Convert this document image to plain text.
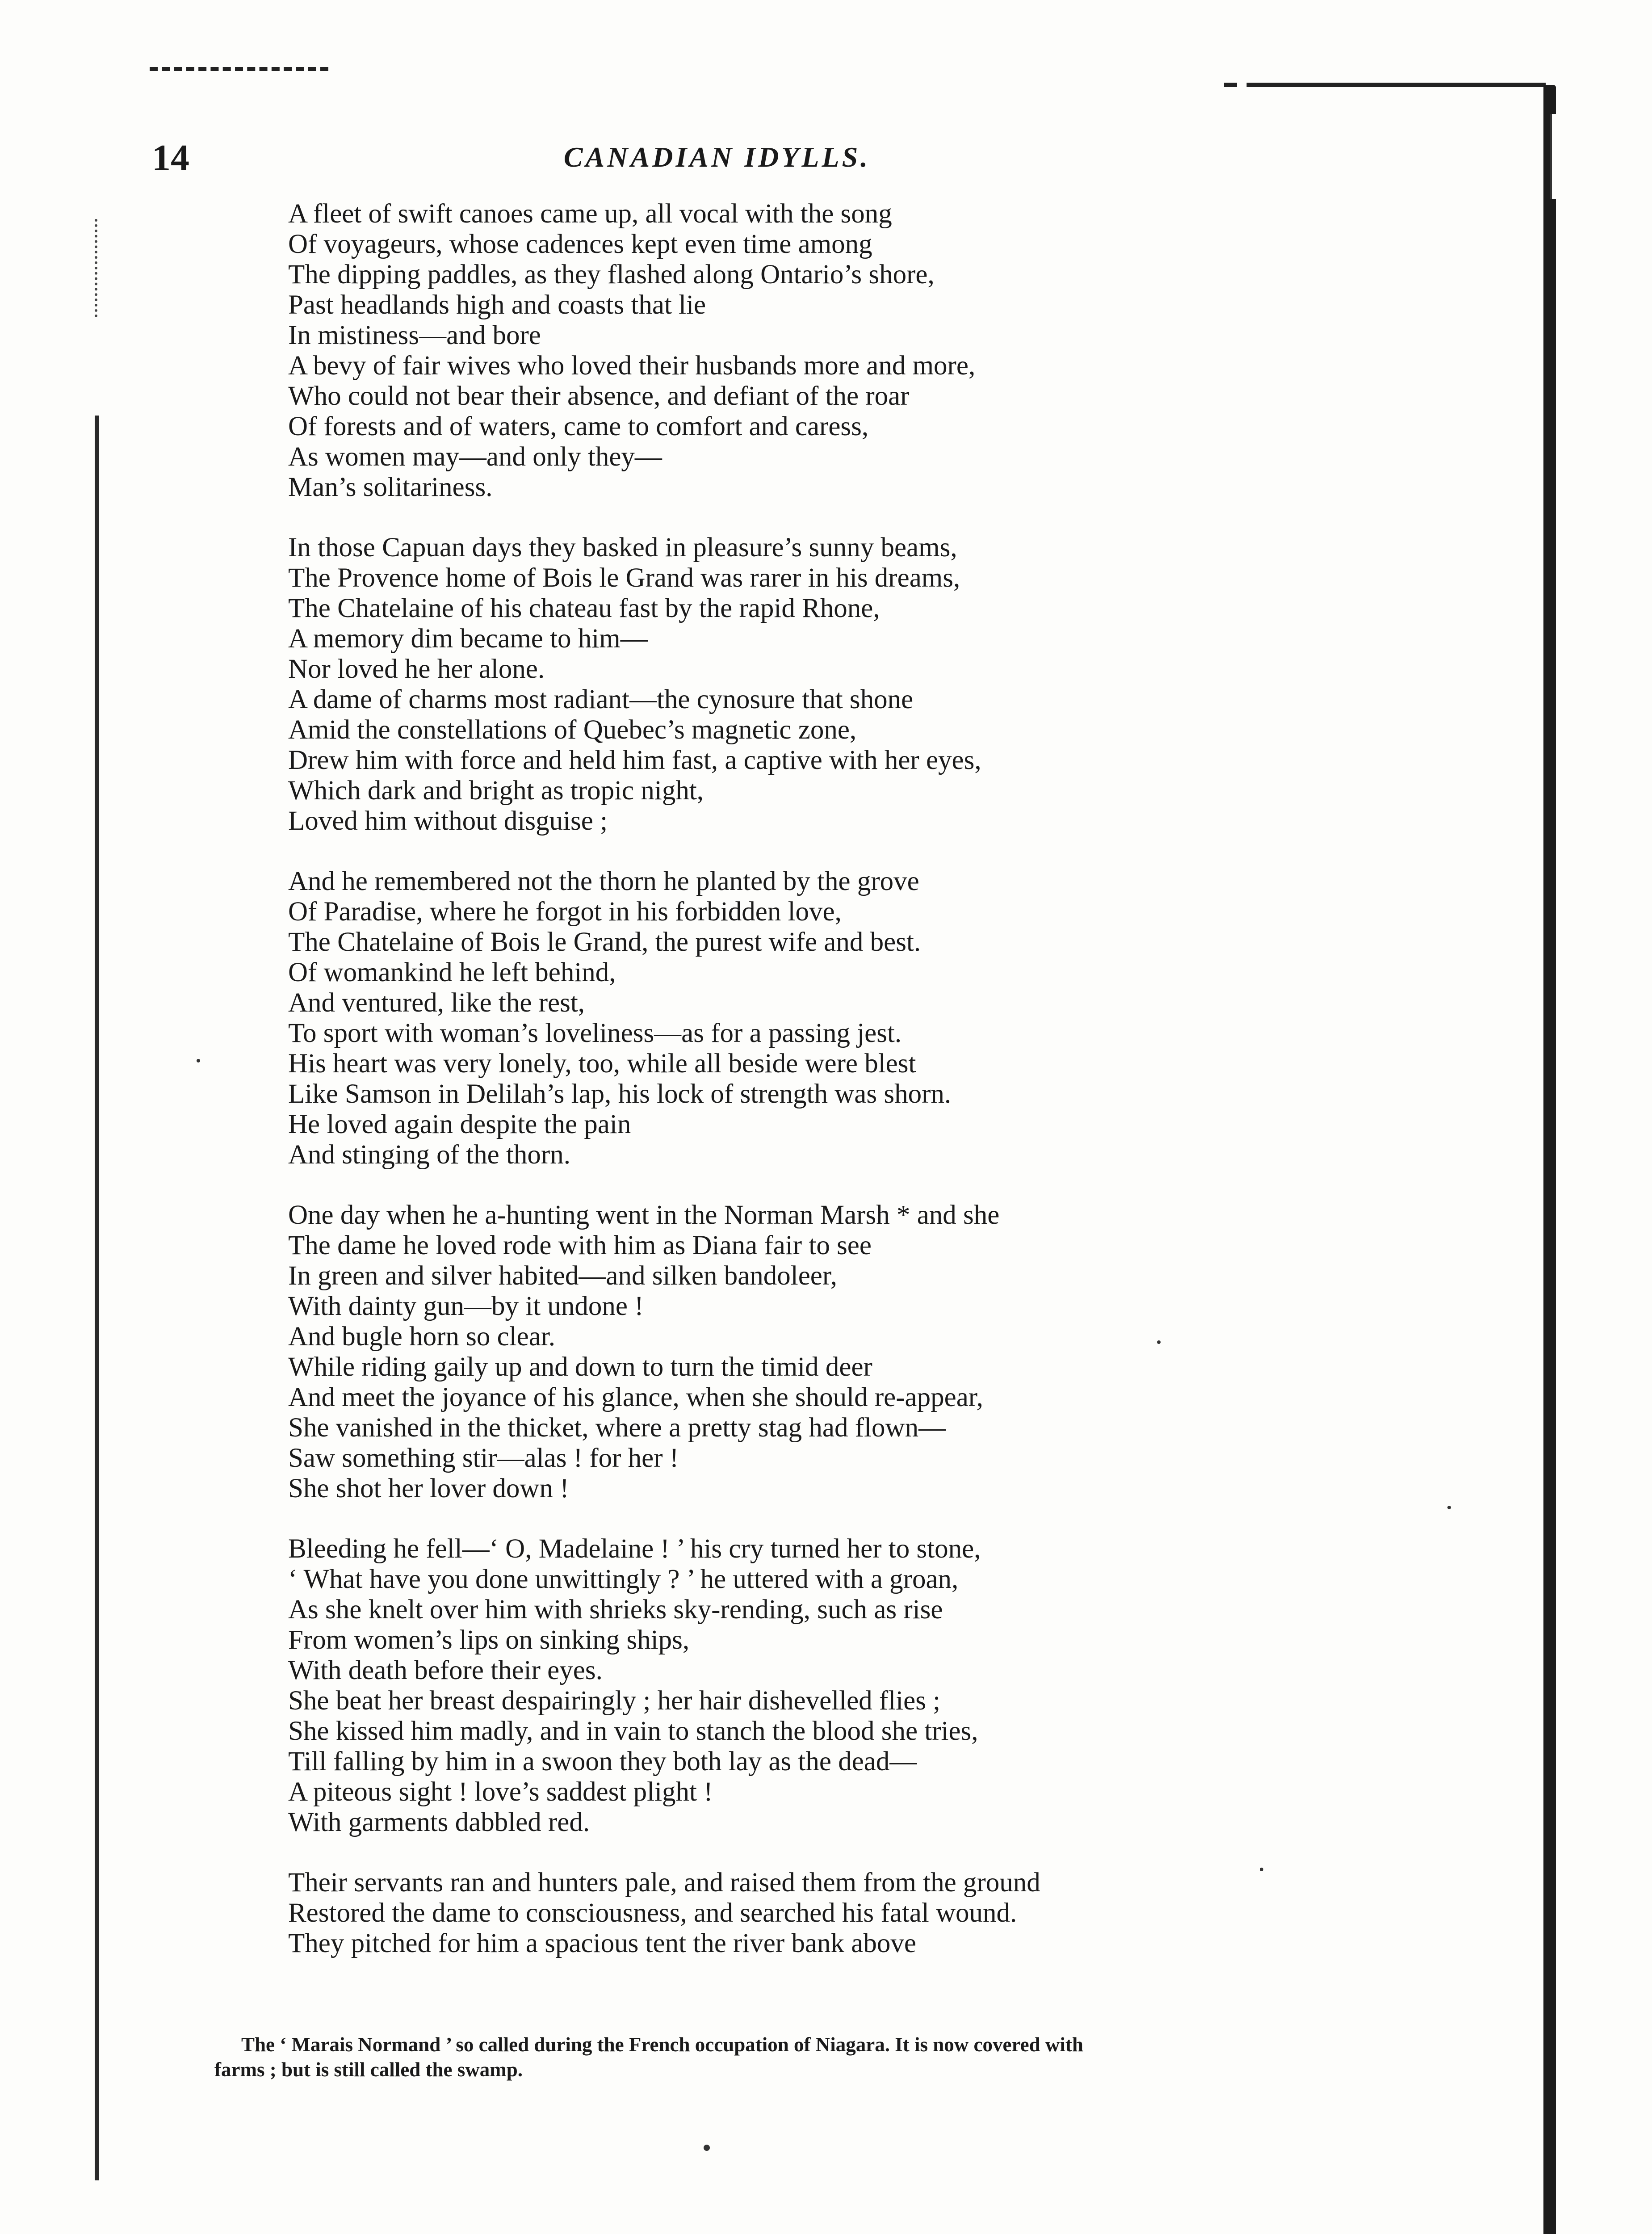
14	CANADIAN IDYLLS.
A fleet of swift canoes came up, all vocal with the song
Of voyageurs, whose cadences kept even time among
The dipping paddles, as they flashed along Ontario’s shore,
Past headlands high and coasts that lie
In mistiness—and bore
A bevy of fair wives who loved their husbands more and more,
Who could not bear their absence, and defiant of the roar
Of forests and of waters, came to comfort and caress,
As women may—and only they—
Man’s solitariness.
In those Capuan days they basked in pleasure’s sunny beams,
The Provence home of Bois le Grand was rarer in his dreams,
The Chatelaine of his chateau fast by the rapid Rhone,
A memory dim became to him—
Nor loved he her alone.
A dame of charms most radiant—the cynosure that shone
Amid the constellations of Quebec’s magnetic zone,
Drew him with force and held him fast, a captive with her eyes,
Which dark and bright as tropic night,
Loved him without disguise ;
And he remembered not the thorn he planted by the grove
Of Paradise, where he forgot in his forbidden love,
The Chatelaine of Bois le Grand, the purest wife and best.
Of womankind he left behind,
And ventured, like the rest,
To sport with woman’s loveliness—as for a passing jest.
His heart was very lonely, too, while all beside were blest
Like Samson in Delilah’s lap, his lock of strength was shorn.
He loved again despite the pain
And stinging of the thorn.
One day when he a-hunting went in the Norman Marsh * and she
The dame he loved rode with him as Diana fair to see
In green and silver habited—and silken bandoleer,
With dainty gun—by it undone !
And bugle horn so clear.
While riding gaily up and down to turn the timid deer
And meet the joyance of his glance, when she should re-appear,
She vanished in the thicket, where a pretty stag had flown—
Saw something stir—alas ! for her !
She shot her lover down !
Bleeding he fell—‘ O, Madelaine ! ’ his cry turned her to stone,
‘ What have you done unwittingly ? ’ he uttered with a groan,
As she knelt over him with shrieks sky-rending, such as rise
From women’s lips on sinking ships,
With death before their eyes.
She beat her breast despairingly ; her hair dishevelled flies ;
She kissed him madly, and in vain to stanch the blood she tries,
Till falling by him in a swoon they both lay as the dead—
A piteous sight ! love’s saddest plight !
With garments dabbled red.
Their servants ran and hunters pale, and raised them from the ground
Restored the dame to consciousness, and searched his fatal wound.
They pitched for him a spacious tent the river bank above
The ‘ Marais Normand ’ so called during the French occupation of Niagara. It is now covered with
farms ; but is still called the swamp.
